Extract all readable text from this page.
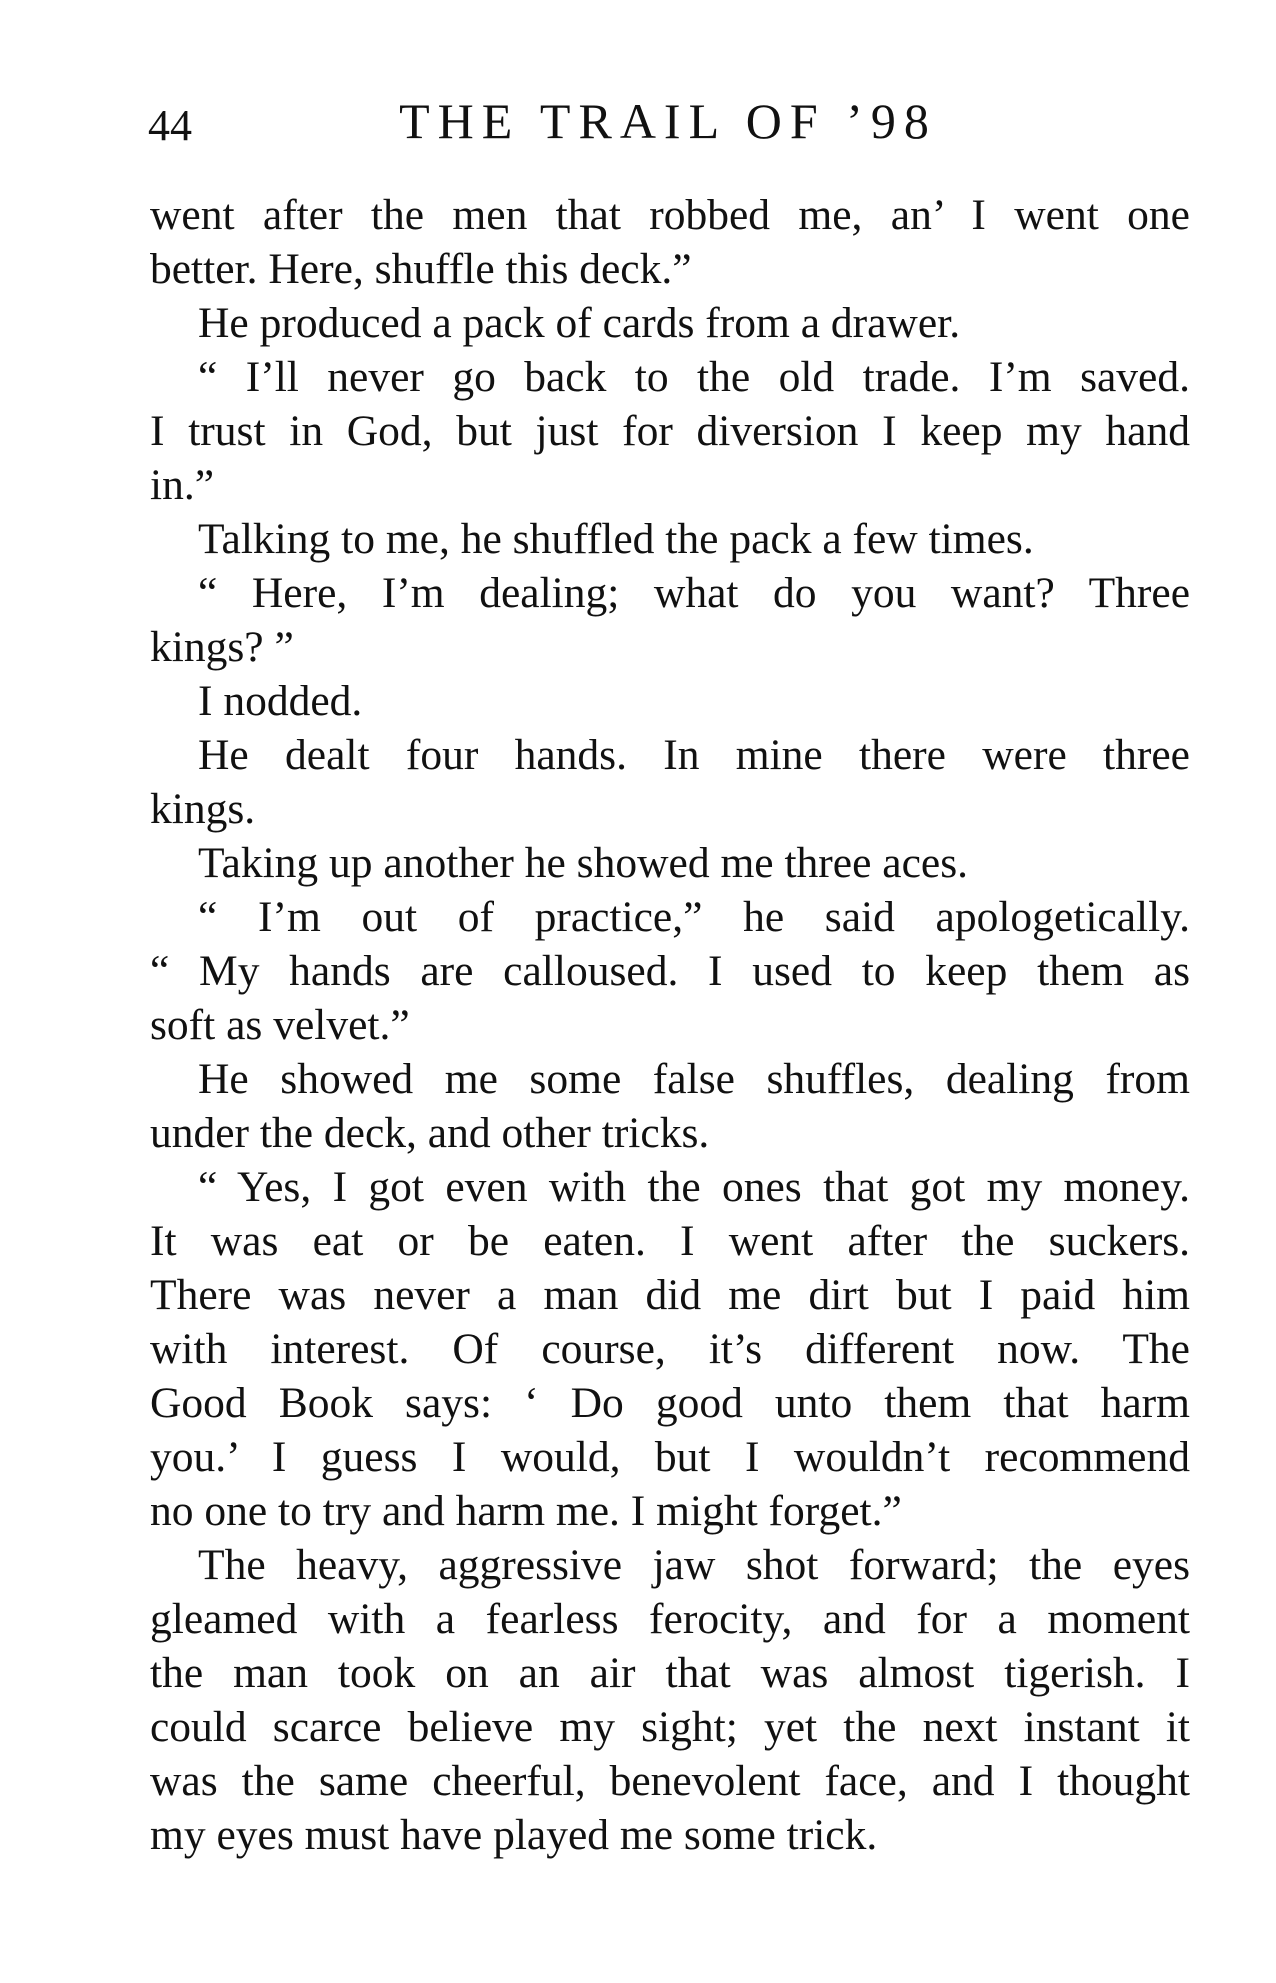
44	THE TRAIL OF ’98
went after the men that robbed me, an’ I went one
better. Here, shuffle this deck.”
He produced a pack of cards from a drawer.
“ I’ll never go back to the old trade. I’m saved.
I trust in God, but just for diversion I keep my hand
in.”
Talking to me, he shuffled the pack a few times.
“ Here, I’m dealing; what do you want? Three
kings? ”
I nodded.
He dealt four hands. In mine there were three
kings.
Taking up another he showed me three aces.
“ I’m out of practice,” he said apologetically.
“ My hands are calloused. I used to keep them as
soft as velvet.”
He showed me some false shuffles, dealing from
under the deck, and other tricks.
“ Yes, I got even with the ones that got my money.
It was eat or be eaten. I went after the suckers.
There was never a man did me dirt but I paid him
with interest. Of course, it’s different now. The
Good Book says: ‘ Do good unto them that harm
you.’ I guess I would, but I wouldn’t recommend
no one to try and harm me. I might forget.”
The heavy, aggressive jaw shot forward; the eyes
gleamed with a fearless ferocity, and for a moment
the man took on an air that was almost tigerish. I
could scarce believe my sight; yet the next instant it
was the same cheerful, benevolent face, and I thought
my eyes must have played me some trick.
